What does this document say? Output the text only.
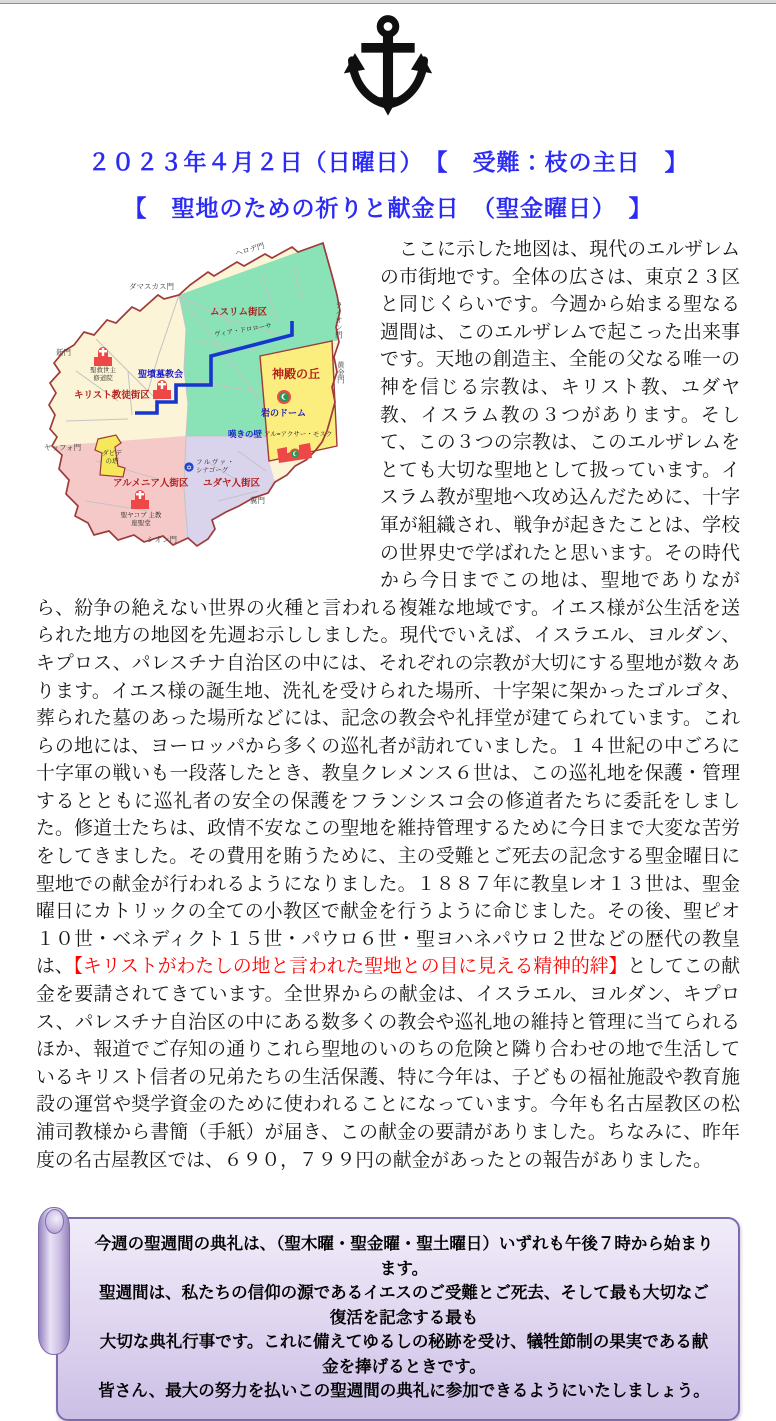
２０２３年４月２日（日曜日）　【　受難：枝の主日　】
【　聖地のための祈りと献金日　（聖金曜日）　】
✡
ヘロデ門
ダマスカス門
新門
ヤッフォ門
シオン門
糞門
ライオン門
黄金門
ムスリム街区
キリスト教徒街区
アルメニア人街区 ユダヤ人街区
神殿の丘
聖墳墓教会
岩のドーム
嘆きの壁 アル=アクサー・モスク
フルヴァ・ シナゴーグ
聖ヤコブ 主教座聖堂
聖救世主 修道院
ダビデ の塔
ヴィア・ドロローサ
　ここに示した地図は、現代のエルザレムの市街地です。全体の広さは、東京２３区と同じくらいです。今週から始まる聖なる週間は、このエルザレムで起こった出来事です。天地の創造主、全能の父なる唯一の神を信じる宗教は、キリスト教、ユダヤ教、イスラム教の３つがあります。そして、この３つの宗教は、このエルザレムをとても大切な聖地として扱っています。イスラム教が聖地へ攻め込んだために、十字軍が組織され、戦争が起きたことは、学校の世界史で学ばれたと思います。その時代から今日までこの地は、聖地でありながら、紛争の絶えない世界の火種と言われる複雑な地域です。イエス様が公生活を送られた地方の地図を先週お示ししました。現代でいえば、イスラエル、ヨルダン、キプロス、パレスチナ自治区の中には、それぞれの宗教が大切にする聖地が数々あります。イエス様の誕生地、洗礼を受けられた場所、十字架に架かったゴルゴタ、葬られた墓のあった場所などには、記念の教会や礼拝堂が建てられています。これらの地には、ヨーロッパから多くの巡礼者が訪れていました。１４世紀の中ごろに十字軍の戦いも一段落したとき、教皇クレメンス６世は、この巡礼地を保護・管理するとともに巡礼者の安全の保護をフランシスコ会の修道者たちに委託をしました。修道士たちは、政情不安なこの聖地を維持管理するために今日まで大変な苦労をしてきました。その費用を賄うために、主の受難とご死去の記念する聖金曜日に聖地での献金が行われるようになりました。１８８７年に教皇レオ１３世は、聖金曜日にカトリックの全ての小教区で献金を行うように命じました。その後、聖ピオ１０世・ベネディクト１５世・パウロ６世・聖ヨハネパウロ２世などの歴代の教皇は、【キリストがわたしの地と言われた聖地との目に見える精神的絆】としてこの献金を要請されてきています。全世界からの献金は、イスラエル、ヨルダン、キプロス、パレスチナ自治区の中にある数多くの教会や巡礼地の維持と管理に当てられるほか、報道でご存知の通りこれら聖地のいのちの危険と隣り合わせの地で生活しているキリスト信者の兄弟たちの生活保護、特に今年は、子どもの福祉施設や教育施設の運営や奨学資金のために使われることになっています。今年も名古屋教区の松浦司教様から書簡（手紙）が届き、この献金の要請がありました。ちなみに、昨年度の名古屋教区では、６９０，７９９円の献金があったとの報告がありました。

今週の聖週間の典礼は、（聖木曜・聖金曜・聖土曜日）いずれも午後７時から始まります。
聖週間は、私たちの信仰の源であるイエスのご受難とご死去、そして最も大切なご復活を記念する最も
大切な典礼行事です。これに備えてゆるしの秘跡を受け、犠牲節制の果実である献金を捧げるときです。
皆さん、最大の努力を払いこの聖週間の典礼に参加できるようにいたしましょう。
